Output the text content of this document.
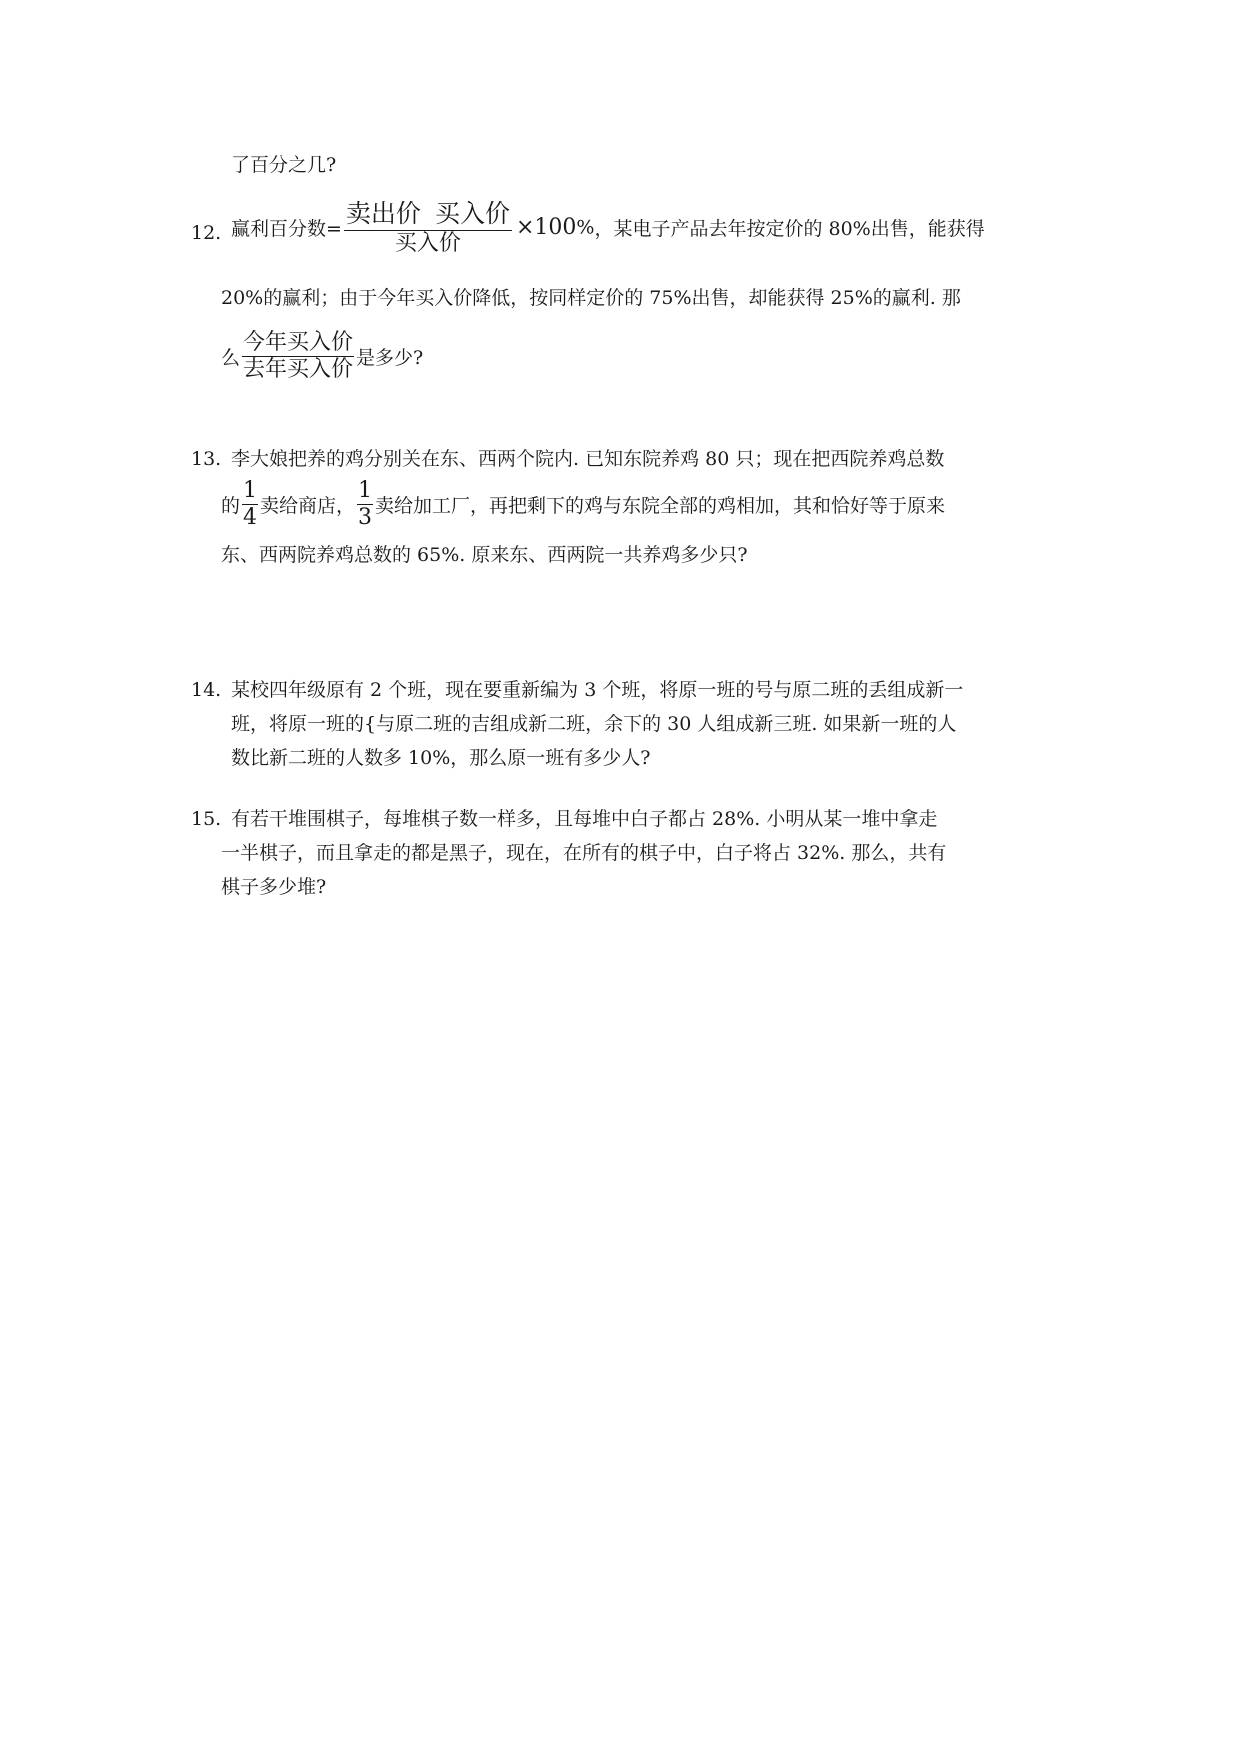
了百分之几?
12. 赢利百分数= $\frac{\text{卖出价 买入价}}{\text{买入价}} \times 100\%$，某电子产品去年按定价的 80%出售，能获得
20%的赢利；由于今年买入价降低，按同样定价的 75%出售，却能获得 25%的赢利. 那
么 $\frac{\text{今年买入价}}{\text{去年买入价}}$ 是多少?
13. 李大娘把养的鸡分别关在东、西两个院内. 已知东院养鸡 80 只；现在把西院养鸡总数
的 $\frac{1}{4}$ 卖给商店， $\frac{1}{3}$ 卖给加工厂，再把剩下的鸡与东院全部的鸡相加，其和恰好等于原来
东、西两院养鸡总数的 65%. 原来东、西两院一共养鸡多少只?
14. 某校四年级原有 2 个班，现在要重新编为 3 个班，将原一班的号与原二班的丢组成新一
班，将原一班的{与原二班的吉组成新二班，余下的 30 人组成新三班. 如果新一班的人
数比新二班的人数多 10%，那么原一班有多少人?
15. 有若干堆围棋子，每堆棋子数一样多，且每堆中白子都占 28%. 小明从某一堆中拿走
一半棋子，而且拿走的都是黑子，现在，在所有的棋子中，白子将占 32%. 那么，共有
棋子多少堆?
